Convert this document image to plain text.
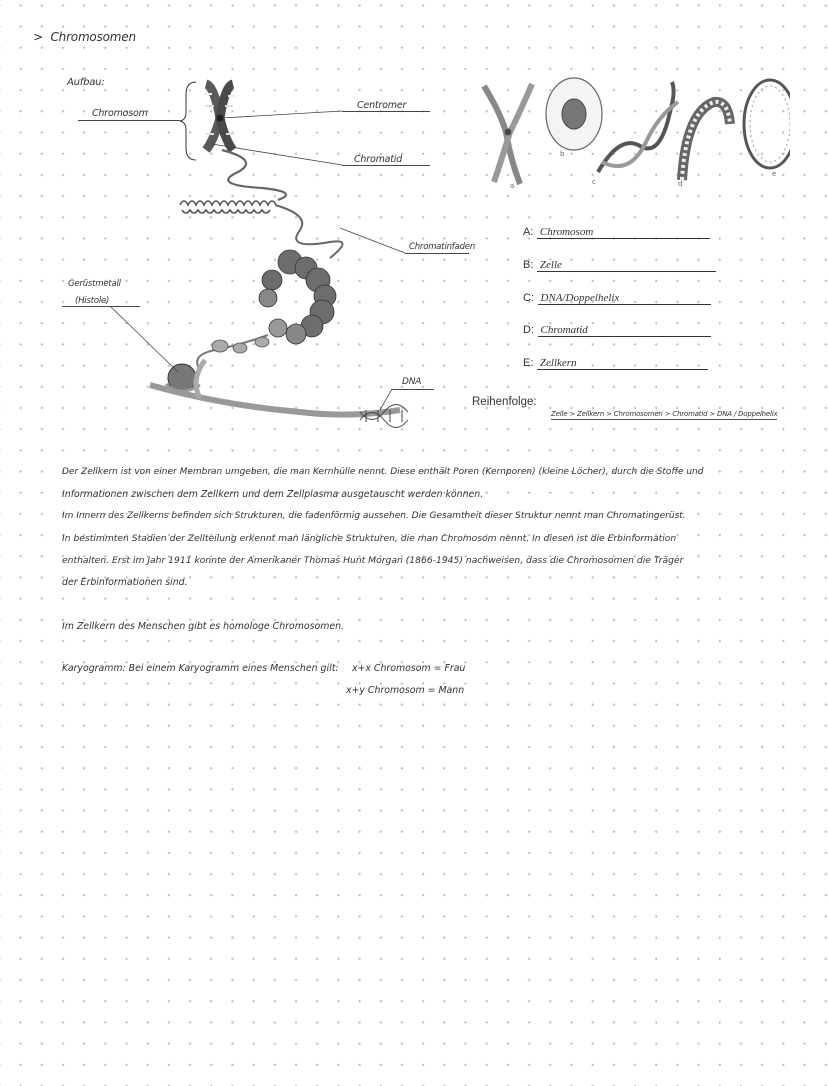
> Chromosomen
Aufbau:
Chromosom
Centromer
Chromatid
Chromatinfaden
Gerüstmetall
(Histole)
DNA
a
b
c	d
e
A: Chromosom
B: Zelle
C: DNA/Doppelhelix
D: Chromatid
E: Zellkern
Reihenfolge:
Zelle > Zellkern > Chromosomen > Chromatid > DNA / Doppelhelix
Der Zellkern ist von einer Membran umgeben, die man Kernhülle nennt. Diese enthält Poren (Kernporen) (kleine Löcher), durch die Stoffe und
Informationen zwischen dem Zellkern und dem Zellplasma ausgetauscht werden können.
Im Innern des Zellkerns befinden sich Strukturen, die fadenförmig aussehen. Die Gesamtheit dieser Struktur nennt man Chromatingerüst.
In bestimmten Stadien der Zellteilung erkennt man längliche Strukturen, die man Chromosom nennt. In diesen ist die Erbinformation
enthalten. Erst im Jahr 1911 konnte der Amerikaner Thomas Hunt Morgan (1866-1945) nachweisen, dass die Chromosomen die Träger
der Erbinformationen sind.
Im Zellkern des Menschen gibt es homologe Chromosomen.
Karyogramm: Bei einem Karyogramm eines Menschen gilt: x+x Chromosom = Frau
x+y Chromosom = Mann
